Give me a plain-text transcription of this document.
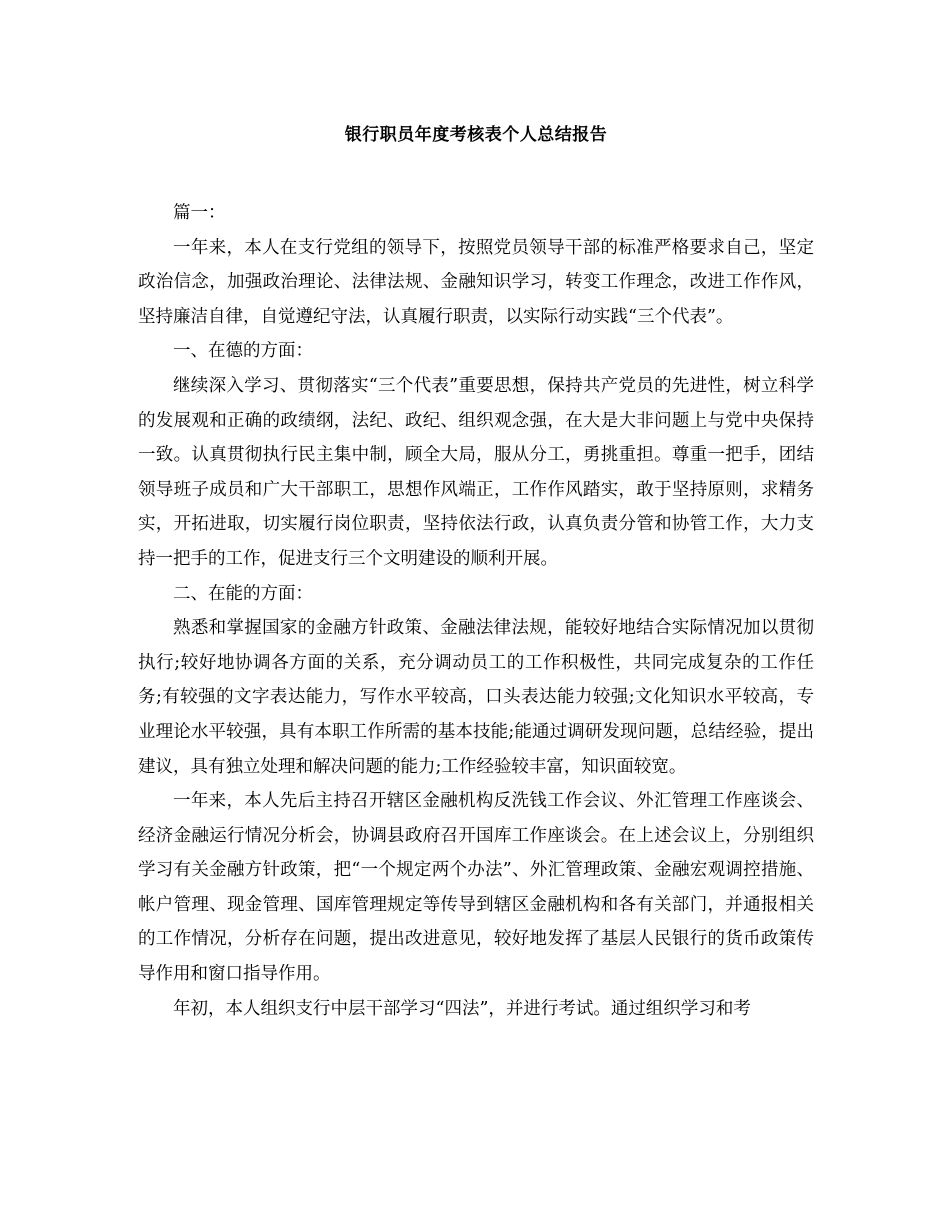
银行职员年度考核表个人总结报告

篇一：

一年来，本人在支行党组的领导下，按照党员领导干部的标准严格要求自己，坚定政治信念，加强政治理论、法律法规、金融知识学习，转变工作理念，改进工作作风，坚持廉洁自律，自觉遵纪守法，认真履行职责，以实际行动实践“三个代表”。

一、在德的方面：

继续深入学习、贯彻落实“三个代表”重要思想，保持共产党员的先进性，树立科学的发展观和正确的政绩纲，法纪、政纪、组织观念强，在大是大非问题上与党中央保持一致。认真贯彻执行民主集中制，顾全大局，服从分工，勇挑重担。尊重一把手，团结领导班子成员和广大干部职工，思想作风端正，工作作风踏实，敢于坚持原则，求精务实，开拓进取，切实履行岗位职责，坚持依法行政，认真负责分管和协管工作，大力支持一把手的工作，促进支行三个文明建设的顺利开展。

二、在能的方面：

熟悉和掌握国家的金融方针政策、金融法律法规，能较好地结合实际情况加以贯彻执行;较好地协调各方面的关系，充分调动员工的工作积极性，共同完成复杂的工作任务;有较强的文字表达能力，写作水平较高，口头表达能力较强;文化知识水平较高，专业理论水平较强，具有本职工作所需的基本技能;能通过调研发现问题，总结经验，提出建议，具有独立处理和解决问题的能力;工作经验较丰富，知识面较宽。

一年来，本人先后主持召开辖区金融机构反洗钱工作会议、外汇管理工作座谈会、经济金融运行情况分析会，协调县政府召开国库工作座谈会。在上述会议上，分别组织学习有关金融方针政策，把“一个规定两个办法”、外汇管理政策、金融宏观调控措施、帐户管理、现金管理、国库管理规定等传导到辖区金融机构和各有关部门，并通报相关的工作情况，分析存在问题，提出改进意见，较好地发挥了基层人民银行的货币政策传导作用和窗口指导作用。

年初，本人组织支行中层干部学习“四法”，并进行考试。通过组织学习和考
